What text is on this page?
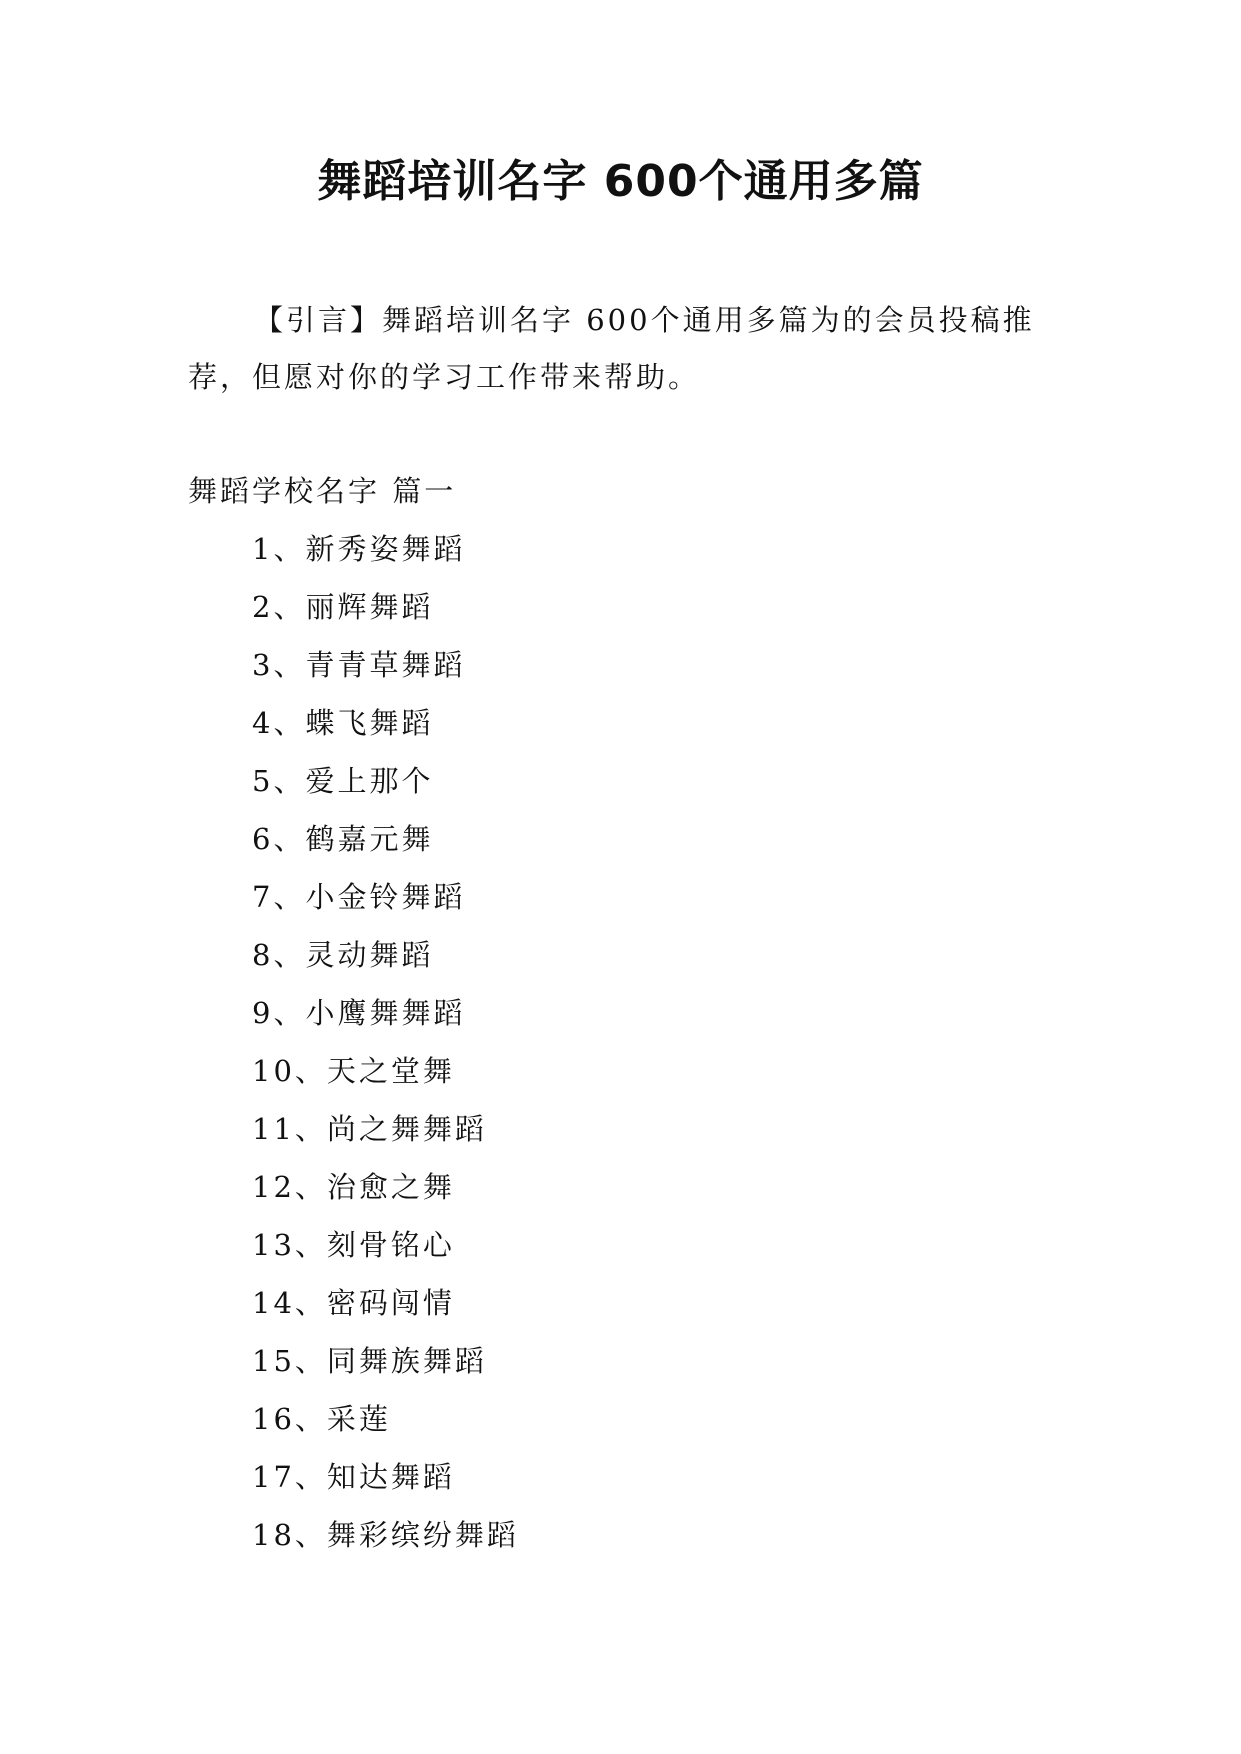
舞蹈培训名字 600个通用多篇
【引言】舞蹈培训名字 600个通用多篇为的会员投稿推荐，但愿对你的学习工作带来帮助。
舞蹈学校名字 篇一
1、新秀姿舞蹈
2、丽辉舞蹈
3、青青草舞蹈
4、蝶飞舞蹈
5、爱上那个
6、鹤嘉元舞
7、小金铃舞蹈
8、灵动舞蹈
9、小鹰舞舞蹈
10、天之堂舞
11、尚之舞舞蹈
12、治愈之舞
13、刻骨铭心
14、密码闯情
15、同舞族舞蹈
16、采莲
17、知达舞蹈
18、舞彩缤纷舞蹈
